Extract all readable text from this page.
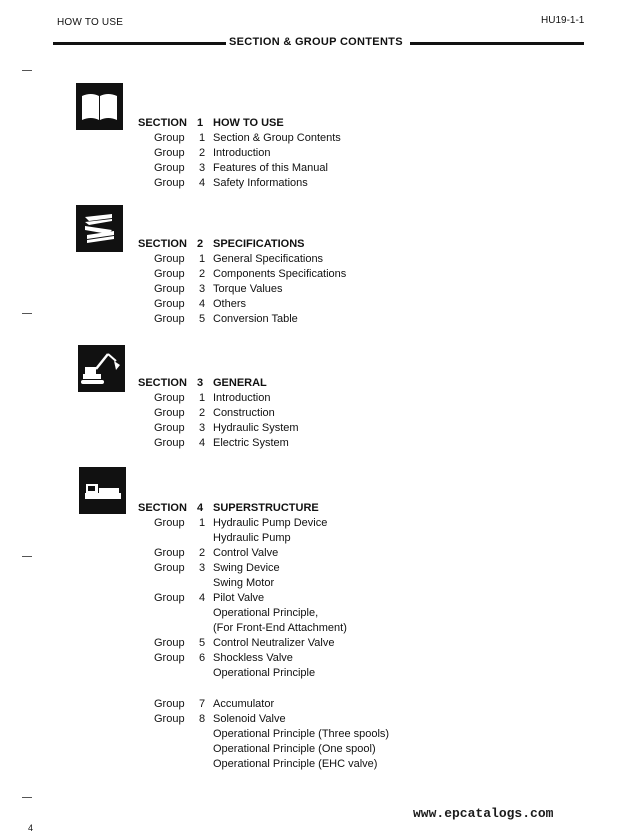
HOW TO USE	HU19-1-1
SECTION & GROUP CONTENTS
SECTION 1 HOW TO USE
Group 1 Section & Group Contents
Group 2 Introduction
Group 3 Features of this Manual
Group 4 Safety Informations
SECTION 2 SPECIFICATIONS
Group 1 General Specifications
Group 2 Components Specifications
Group 3 Torque Values
Group 4 Others
Group 5 Conversion Table
SECTION 3 GENERAL
Group 1 Introduction
Group 2 Construction
Group 3 Hydraulic System
Group 4 Electric System
SECTION 4 SUPERSTRUCTURE
Group 1 Hydraulic Pump Device
Hydraulic Pump
Group 2 Control Valve
Group 3 Swing Device
Swing Motor
Group 4 Pilot Valve
Operational Principle,
(For Front-End Attachment)
Group 5 Control Neutralizer Valve
Group 6 Shockless Valve
Operational Principle
Group 7 Accumulator
Group 8 Solenoid Valve
Operational Principle (Three spools)
Operational Principle (One spool)
Operational Principle (EHC valve)
4
www.epcatalogs.com
